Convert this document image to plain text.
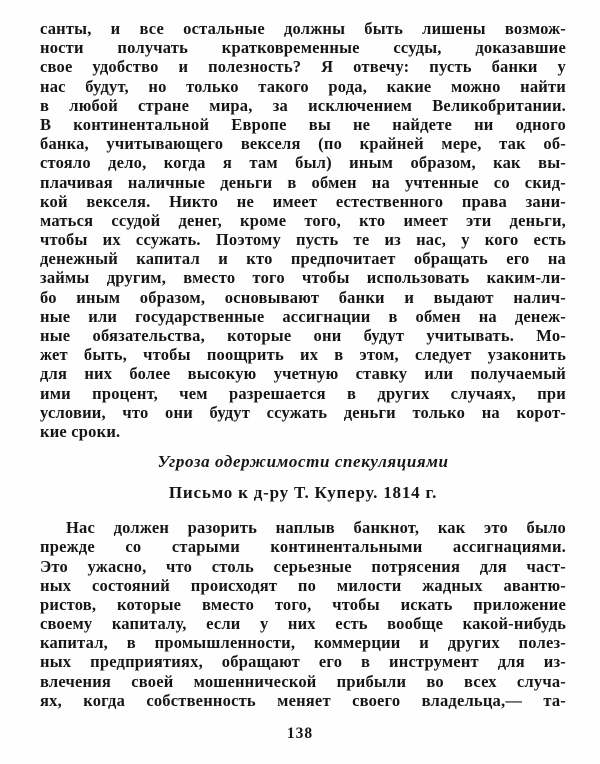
санты, и все остальные должны быть лишены возмож-
ности получать кратковременные ссуды, доказавшие
свое удобство и полезность? Я отвечу: пусть банки у
нас будут, но только такого рода, какие можно найти
в любой стране мира, за исключением Великобритании.
В континентальной Европе вы не найдете ни одного
банка, учитывающего векселя (по крайней мере, так об-
стояло дело, когда я там был) иным образом, как вы-
плачивая наличные деньги в обмен на учтенные со скид-
кой векселя. Никто не имеет естественного права зани-
маться ссудой денег, кроме того, кто имеет эти деньги,
чтобы их ссужать. Поэтому пусть те из нас, у кого есть
денежный капитал и кто предпочитает обращать его на
займы другим, вместо того чтобы использовать каким-ли-
бо иным образом, основывают банки и выдают налич-
ные или государственные ассигнации в обмен на денеж-
ные обязательства, которые они будут учитывать. Мо-
жет быть, чтобы поощрить их в этом, следует узаконить
для них более высокую учетную ставку или получаемый
ими процент, чем разрешается в других случаях, при
условии, что они будут ссужать деньги только на корот-
кие сроки.
Угроза одержимости спекуляциями
Письмо к д-ру Т. Куперу. 1814 г.
Нас должен разорить наплыв банкнот, как это было
прежде со старыми континентальными ассигнациями.
Это ужасно, что столь серьезные потрясения для част-
ных состояний происходят по милости жадных авантю-
ристов, которые вместо того, чтобы искать приложение
своему капиталу, если у них есть вообще какой-нибудь
капитал, в промышленности, коммерции и других полез-
ных предприятиях, обращают его в инструмент для из-
влечения своей мошеннической прибыли во всех случа-
ях, когда собственность меняет своего владельца,— та-
138
